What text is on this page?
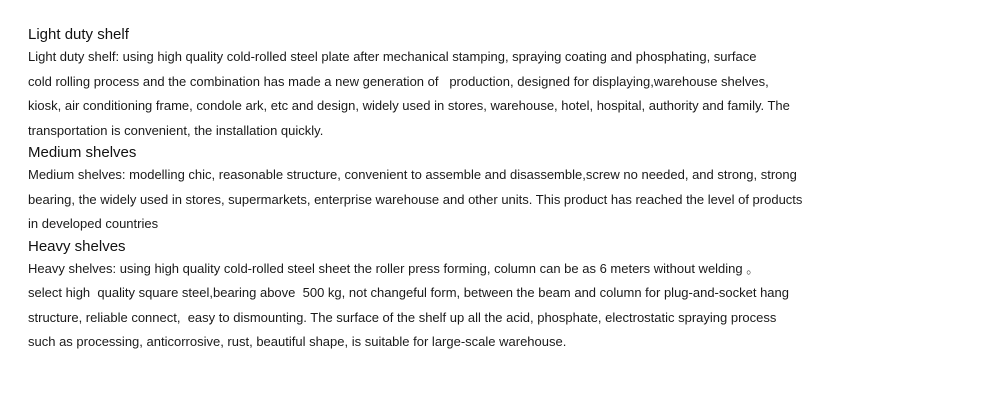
Light duty shelf

Light duty shelf: using high quality cold-rolled steel plate after mechanical stamping, spraying coating and phosphating, surface

cold rolling process and the combination has made a new generation of   production, designed for displaying,warehouse shelves,

kiosk, air conditioning frame, condole ark, etc and design, widely used in stores, warehouse, hotel, hospital, authority and family. The

transportation is convenient, the installation quickly.

Medium shelves

Medium shelves: modelling chic, reasonable structure, convenient to assemble and disassemble,screw no needed, and strong, strong

bearing, the widely used in stores, supermarkets, enterprise warehouse and other units. This product has reached the level of products

in developed countries

Heavy shelves

Heavy shelves: using high quality cold-rolled steel sheet the roller press forming, column can be as 6 meters without welding 。

select high  quality square steel,bearing above  500 kg, not changeful form, between the beam and column for plug-and-socket hang

structure, reliable connect,  easy to dismounting. The surface of the shelf up all the acid, phosphate, electrostatic spraying process

such as processing, anticorrosive, rust, beautiful shape, is suitable for large-scale warehouse.
